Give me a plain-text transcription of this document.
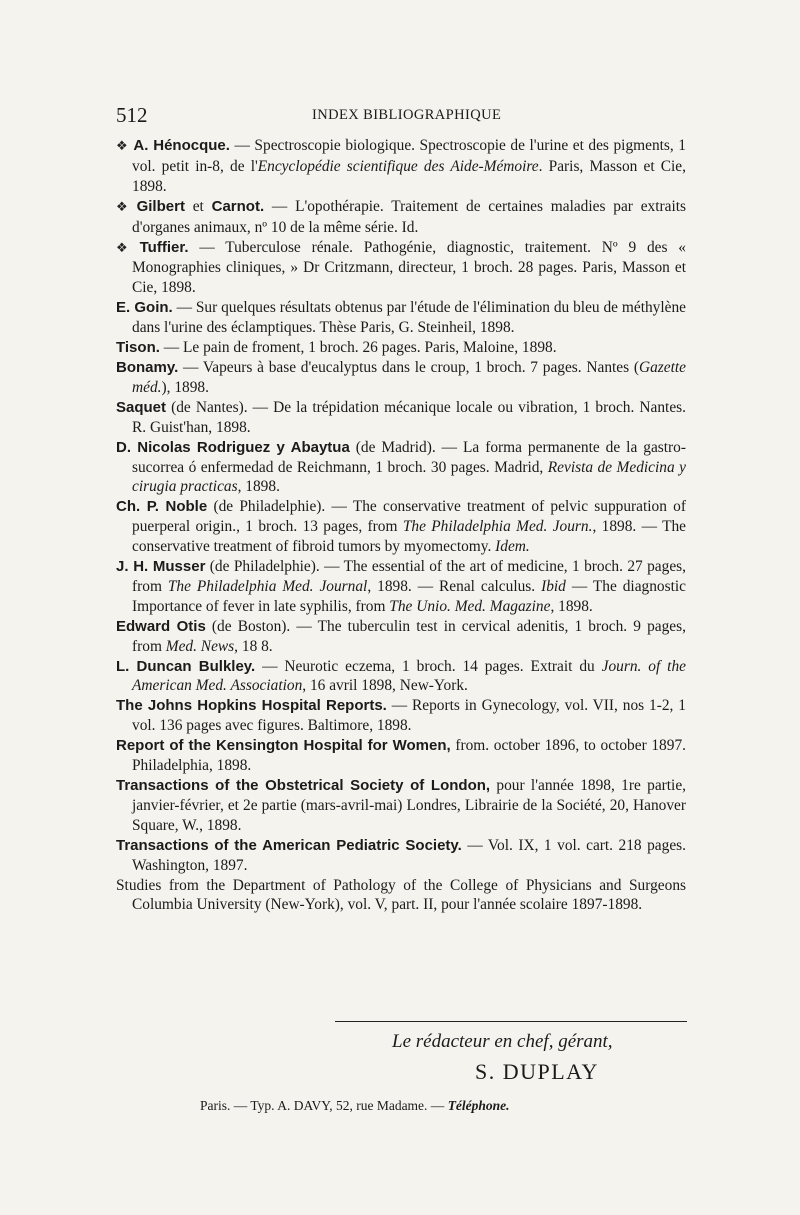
512	INDEX BIBLIOGRAPHIQUE

❖ A. Hénocque. — Spectroscopie biologique. Spectroscopie de l'urine et des pigments, 1 vol. petit in-8, de l'Encyclopédie scientifique des Aide-Mémoire. Paris, Masson et Cie, 1898.

❖ Gilbert et Carnot. — L'opothérapie. Traitement de certaines maladies par extraits d'organes animaux, nº 10 de la même série. Id.

❖ Tuffier. — Tuberculose rénale. Pathogénie, diagnostic, traitement. Nº 9 des « Monographies cliniques, » Dr Critzmann, directeur, 1 broch. 28 pages. Paris, Masson et Cie, 1898.

E. Goin. — Sur quelques résultats obtenus par l'étude de l'élimination du bleu de méthylène dans l'urine des éclamptiques. Thèse Paris, G. Steinheil, 1898.

Tison. — Le pain de froment, 1 broch. 26 pages. Paris, Maloine, 1898.

Bonamy. — Vapeurs à base d'eucalyptus dans le croup, 1 broch. 7 pages. Nantes (Gazette méd.), 1898.

Saquet (de Nantes). — De la trépidation mécanique locale ou vibration, 1 broch. Nantes. R. Guist'han, 1898.

D. Nicolas Rodriguez y Abaytua (de Madrid). — La forma permanente de la gastro-sucorrea ó enfermedad de Reichmann, 1 broch. 30 pages. Madrid, Revista de Medicina y cirugia practicas, 1898.

Ch. P. Noble (de Philadelphie). — The conservative treatment of pelvic suppuration of puerperal origin., 1 broch. 13 pages, from The Philadelphia Med. Journ., 1898. — The conservative treatment of fibroid tumors by myomectomy. Idem.

J. H. Musser (de Philadelphie). — The essential of the art of medicine, 1 broch. 27 pages, from The Philadelphia Med. Journal, 1898. — Renal calculus. Ibid — The diagnostic Importance of fever in late syphilis, from The Unio. Med. Magazine, 1898.

Edward Otis (de Boston). — The tuberculin test in cervical adenitis, 1 broch. 9 pages, from Med. News, 18 8.

L. Duncan Bulkley. — Neurotic eczema, 1 broch. 14 pages. Extrait du Journ. of the American Med. Association, 16 avril 1898, New-York.

The Johns Hopkins Hospital Reports. — Reports in Gynecology, vol. VII, nos 1-2, 1 vol. 136 pages avec figures. Baltimore, 1898.

Report of the Kensington Hospital for Women, from. october 1896, to october 1897. Philadelphia, 1898.

Transactions of the Obstetrical Society of London, pour l'année 1898, 1re partie, janvier-février, et 2e partie (mars-avril-mai) Londres, Librairie de la Société, 20, Hanover Square, W., 1898.

Transactions of the American Pediatric Society. — Vol. IX, 1 vol. cart. 218 pages. Washington, 1897.

Studies from the Department of Pathology of the College of Physicians and Surgeons Columbia University (New-York), vol. V, part. II, pour l'année scolaire 1897-1898.

Le rédacteur en chef, gérant,
S. DUPLAY
Paris. — Typ. A. DAVY, 52, rue Madame. — Téléphone.
